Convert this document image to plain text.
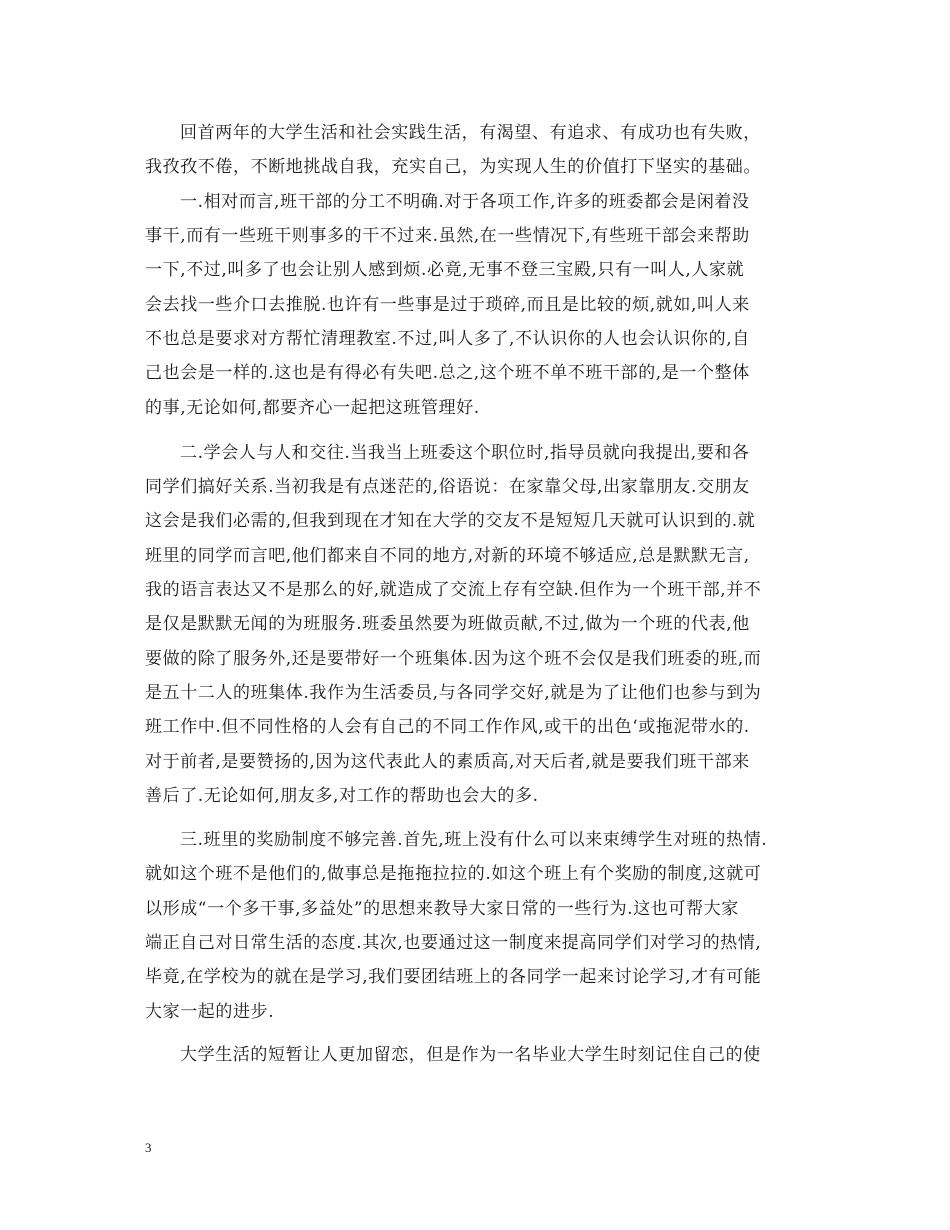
回首两年的大学生活和社会实践生活，有渴望、有追求、有成功也有失败，
我孜孜不倦，不断地挑战自我，充实自己，为实现人生的价值打下坚实的基础。
一.相对而言,班干部的分工不明确.对于各项工作,许多的班委都会是闲着没
事干,而有一些班干则事多的干不过来.虽然,在一些情况下,有些班干部会来帮助
一下,不过,叫多了也会让别人感到烦.必竟,无事不登三宝殿,只有一叫人,人家就
会去找一些介口去推脱.也许有一些事是过于琐碎,而且是比较的烦,就如,叫人来
不也总是要求对方帮忙清理教室.不过,叫人多了,不认识你的人也会认识你的,自
己也会是一样的.这也是有得必有失吧.总之,这个班不单不班干部的,是一个整体
的事,无论如何,都要齐心一起把这班管理好.
二.学会人与人和交往.当我当上班委这个职位时,指导员就向我提出,要和各
同学们搞好关系.当初我是有点迷茫的,俗语说：在家靠父母,出家靠朋友.交朋友
这会是我们必需的,但我到现在才知在大学的交友不是短短几天就可认识到的.就
班里的同学而言吧,他们都来自不同的地方,对新的环境不够适应,总是默默无言,
我的语言表达又不是那么的好,就造成了交流上存有空缺.但作为一个班干部,并不
是仅是默默无闻的为班服务.班委虽然要为班做贡献,不过,做为一个班的代表,他
要做的除了服务外,还是要带好一个班集体.因为这个班不会仅是我们班委的班,而
是五十二人的班集体.我作为生活委员,与各同学交好,就是为了让他们也参与到为
班工作中.但不同性格的人会有自己的不同工作作风,或干的出色‘或拖泥带水的.
对于前者,是要赞扬的,因为这代表此人的素质高,对天后者,就是要我们班干部来
善后了.无论如何,朋友多,对工作的帮助也会大的多.
三.班里的奖励制度不够完善.首先,班上没有什么可以来束缚学生对班的热情.
就如这个班不是他们的,做事总是拖拖拉拉的.如这个班上有个奖励的制度,这就可
以形成“一个多干事,多益处”的思想来教导大家日常的一些行为.这也可帮大家
端正自己对日常生活的态度.其次,也要通过这一制度来提高同学们对学习的热情,
毕竟,在学校为的就在是学习,我们要团结班上的各同学一起来讨论学习,才有可能
大家一起的进步.
大学生活的短暂让人更加留恋，但是作为一名毕业大学生时刻记住自己的使
3
